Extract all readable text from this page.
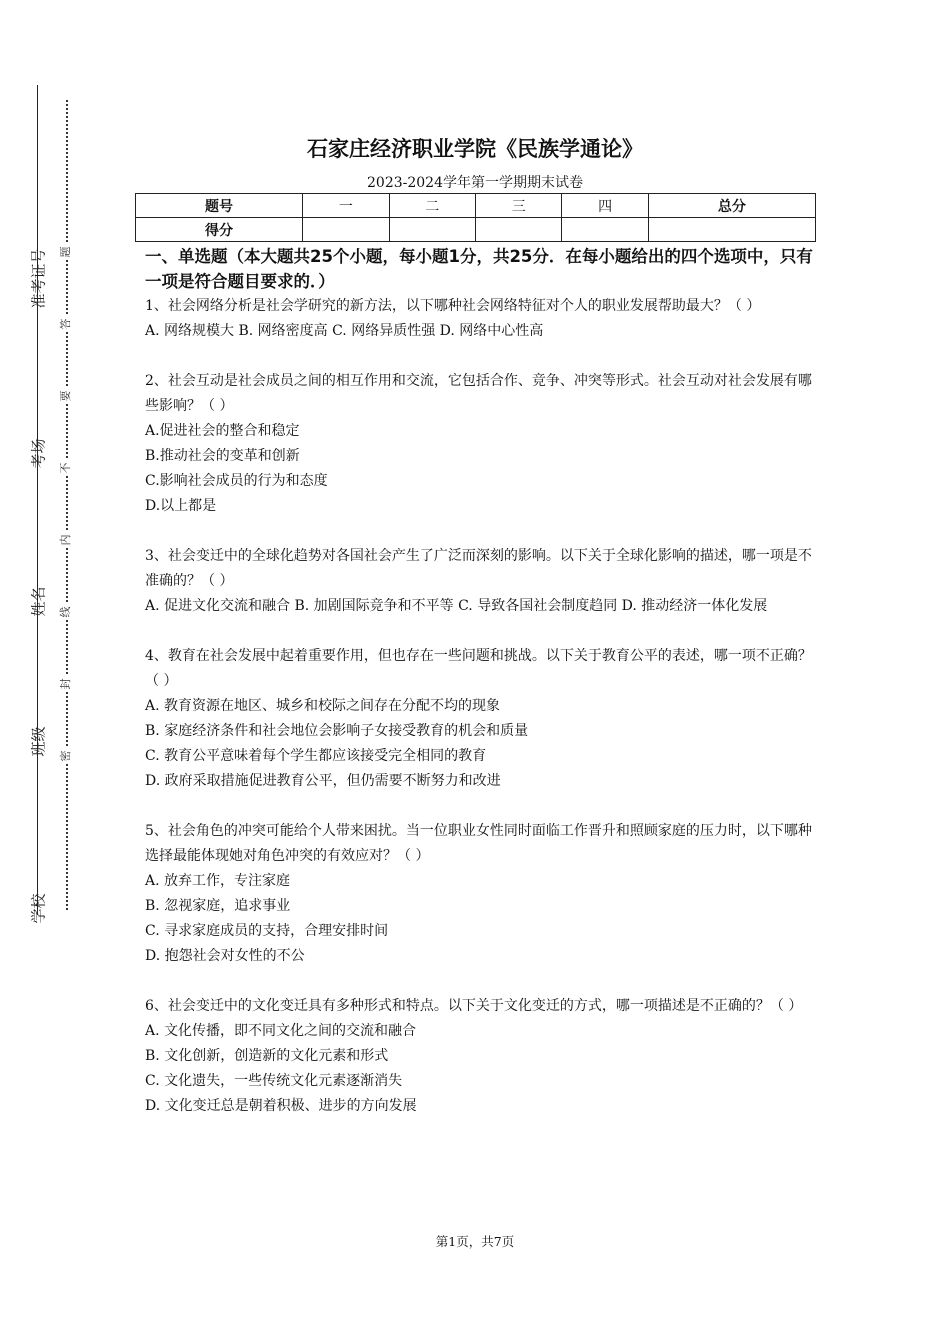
准考证号
考场
姓名
班级
学校
题
答
要
不
内
线
封
密
石家庄经济职业学院《民族学通论》
2023-2024学年第一学期期末试卷
题号	一	二	三	四	总分
得分					
一、单选题（本大题共25个小题，每小题1分，共25分．在每小题给出的四个选项中，只有一项是符合题目要求的．）
1、社会网络分析是社会学研究的新方法，以下哪种社会网络特征对个人的职业发展帮助最大？（ ）
A. 网络规模大 B. 网络密度高 C. 网络异质性强 D. 网络中心性高
2、社会互动是社会成员之间的相互作用和交流，它包括合作、竞争、冲突等形式。社会互动对社会发展有哪些影响？（ ）
A.促进社会的整合和稳定
B.推动社会的变革和创新
C.影响社会成员的行为和态度
D.以上都是
3、社会变迁中的全球化趋势对各国社会产生了广泛而深刻的影响。以下关于全球化影响的描述，哪一项是不准确的？（ ）
A. 促进文化交流和融合 B. 加剧国际竞争和不平等 C. 导致各国社会制度趋同 D. 推动经济一体化发展
4、教育在社会发展中起着重要作用，但也存在一些问题和挑战。以下关于教育公平的表述，哪一项不正确？（ ）
A. 教育资源在地区、城乡和校际之间存在分配不均的现象
B. 家庭经济条件和社会地位会影响子女接受教育的机会和质量
C. 教育公平意味着每个学生都应该接受完全相同的教育
D. 政府采取措施促进教育公平，但仍需要不断努力和改进
5、社会角色的冲突可能给个人带来困扰。当一位职业女性同时面临工作晋升和照顾家庭的压力时，以下哪种选择最能体现她对角色冲突的有效应对？（ ）
A. 放弃工作，专注家庭
B. 忽视家庭，追求事业
C. 寻求家庭成员的支持，合理安排时间
D. 抱怨社会对女性的不公
6、社会变迁中的文化变迁具有多种形式和特点。以下关于文化变迁的方式，哪一项描述是不正确的？（ ）
A. 文化传播，即不同文化之间的交流和融合
B. 文化创新，创造新的文化元素和形式
C. 文化遗失，一些传统文化元素逐渐消失
D. 文化变迁总是朝着积极、进步的方向发展
第1页，共7页
